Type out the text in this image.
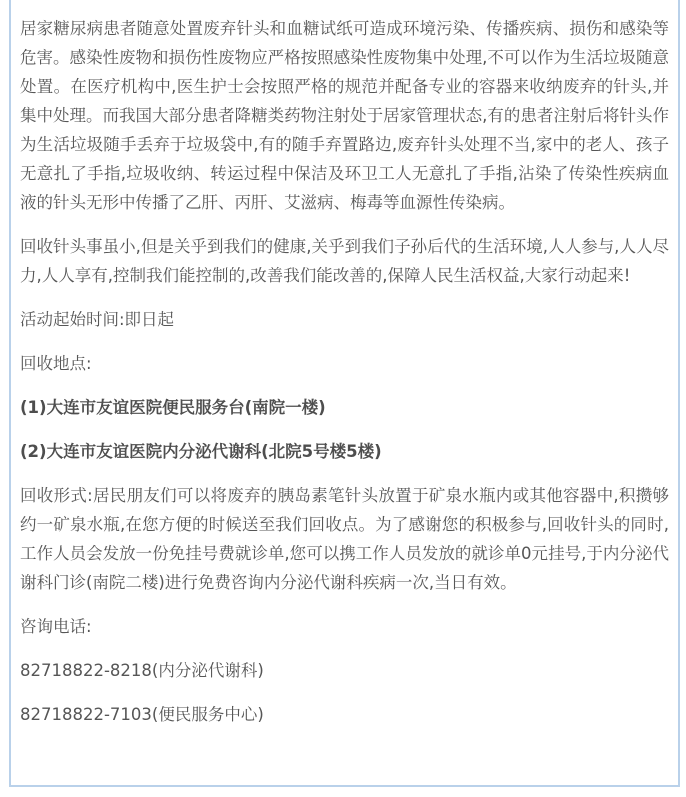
居家糖尿病患者随意处置废弃针头和血糖试纸可造成环境污染、传播疾病、损伤和感染等危害。感染性废物和损伤性废物应严格按照感染性废物集中处理,不可以作为生活垃圾随意处置。在医疗机构中,医生护士会按照严格的规范并配备专业的容器来收纳废弃的针头,并集中处理。而我国大部分患者降糖类药物注射处于居家管理状态,有的患者注射后将针头作为生活垃圾随手丢弃于垃圾袋中,有的随手弃置路边,废弃针头处理不当,家中的老人、孩子无意扎了手指,垃圾收纳、转运过程中保洁及环卫工人无意扎了手指,沾染了传染性疾病血液的针头无形中传播了乙肝、丙肝、艾滋病、梅毒等血源性传染病。

回收针头事虽小,但是关乎到我们的健康,关乎到我们子孙后代的生活环境,人人参与,人人尽力,人人享有,控制我们能控制的,改善我们能改善的,保障人民生活权益,大家行动起来!

活动起始时间:即日起

回收地点:

(1)大连市友谊医院便民服务台(南院一楼)

(2)大连市友谊医院内分泌代谢科(北院5号楼5楼)

回收形式:居民朋友们可以将废弃的胰岛素笔针头放置于矿泉水瓶内或其他容器中,积攒够约一矿泉水瓶,在您方便的时候送至我们回收点。为了感谢您的积极参与,回收针头的同时,工作人员会发放一份免挂号费就诊单,您可以携工作人员发放的就诊单0元挂号,于内分泌代谢科门诊(南院二楼)进行免费咨询内分泌代谢科疾病一次,当日有效。

咨询电话:

82718822-8218(内分泌代谢科)

82718822-7103(便民服务中心)
